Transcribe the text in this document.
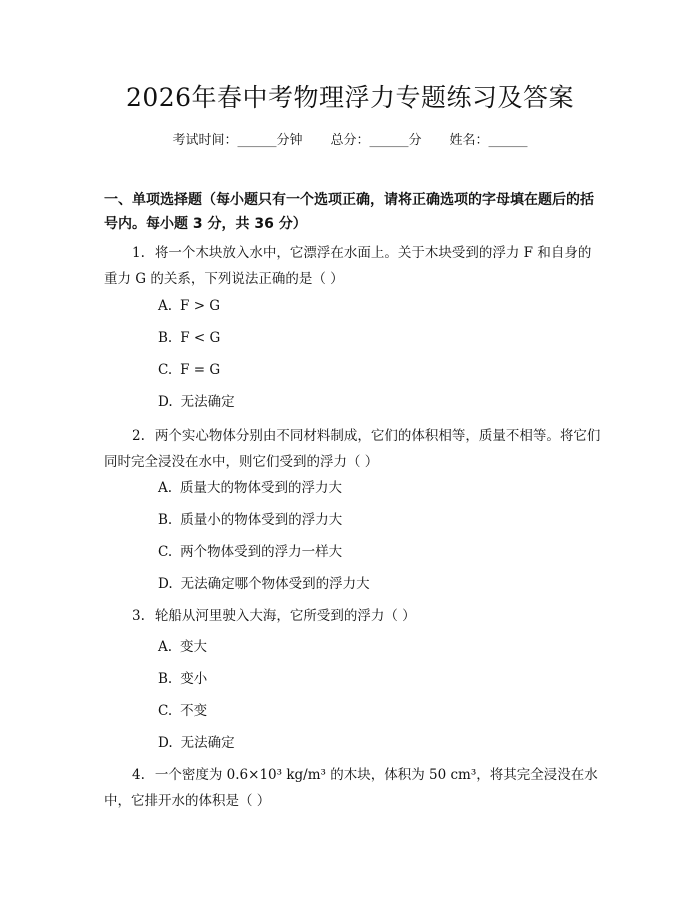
2026年春中考物理浮力专题练习及答案
考试时间：______分钟 总分：______分 姓名：______
一、单项选择题（每小题只有一个选项正确，请将正确选项的字母填在题后的括号内。每小题 3 分，共 36 分）
1. 将一个木块放入水中，它漂浮在水面上。关于木块受到的浮力 F 和自身的重力 G 的关系，下列说法正确的是（ ）
A. F > G
B. F < G
C. F = G
D. 无法确定
2. 两个实心物体分别由不同材料制成，它们的体积相等，质量不相等。将它们同时完全浸没在水中，则它们受到的浮力（ ）
A. 质量大的物体受到的浮力大
B. 质量小的物体受到的浮力大
C. 两个物体受到的浮力一样大
D. 无法确定哪个物体受到的浮力大
3. 轮船从河里驶入大海，它所受到的浮力（ ）
A. 变大
B. 变小
C. 不变
D. 无法确定
4. 一个密度为 0.6×10³ kg/m³ 的木块，体积为 50 cm³，将其完全浸没在水中，它排开水的体积是（ ）
